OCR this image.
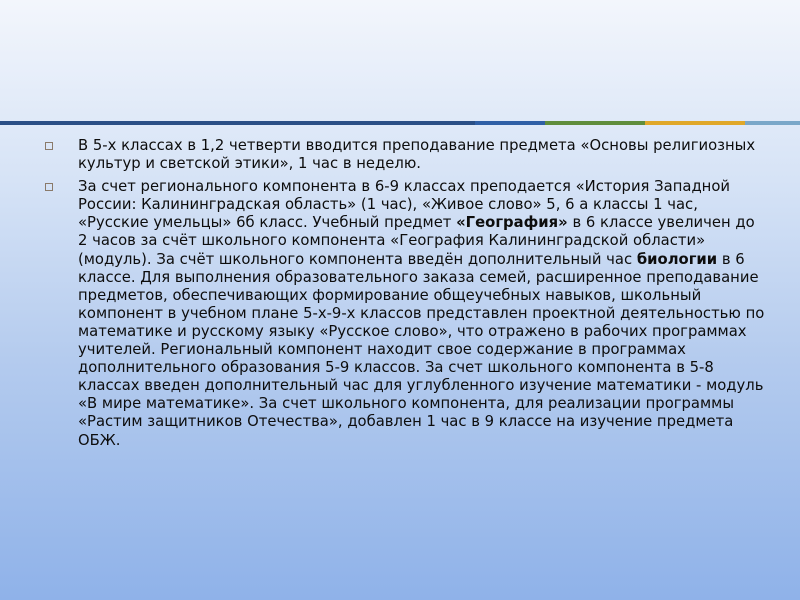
В 5-х классах в 1,2 четверти вводится преподавание предмета «Основы религиозных культур и светской этики», 1 час в неделю.
За счет регионального компонента в 6-9 классах преподается «История Западной России: Калининградская область» (1 час), «Живое слово» 5, 6 а классы 1 час, «Русские умельцы» 6б класс. Учебный предмет «География» в 6 классе увеличен до 2 часов за счёт школьного компонента «География Калининградской области» (модуль). За счёт школьного компонента введён дополнительный час биологии в 6 классе. Для выполнения образовательного заказа семей, расширенное преподавание предметов, обеспечивающих формирование общеучебных навыков, школьный компонент в учебном плане 5-х-9-х классов представлен проектной деятельностью по математике и русскому языку «Русское слово», что отражено в рабочих программах учителей. Региональный компонент находит свое содержание в программах дополнительного образования 5-9 классов. За счет школьного компонента в 5-8 классах введен дополнительный час для углубленного изучение математики - модуль «В мире математике». За счет школьного компонента, для реализации программы «Растим защитников Отечества», добавлен 1 час в 9 классе на изучение предмета ОБЖ.
